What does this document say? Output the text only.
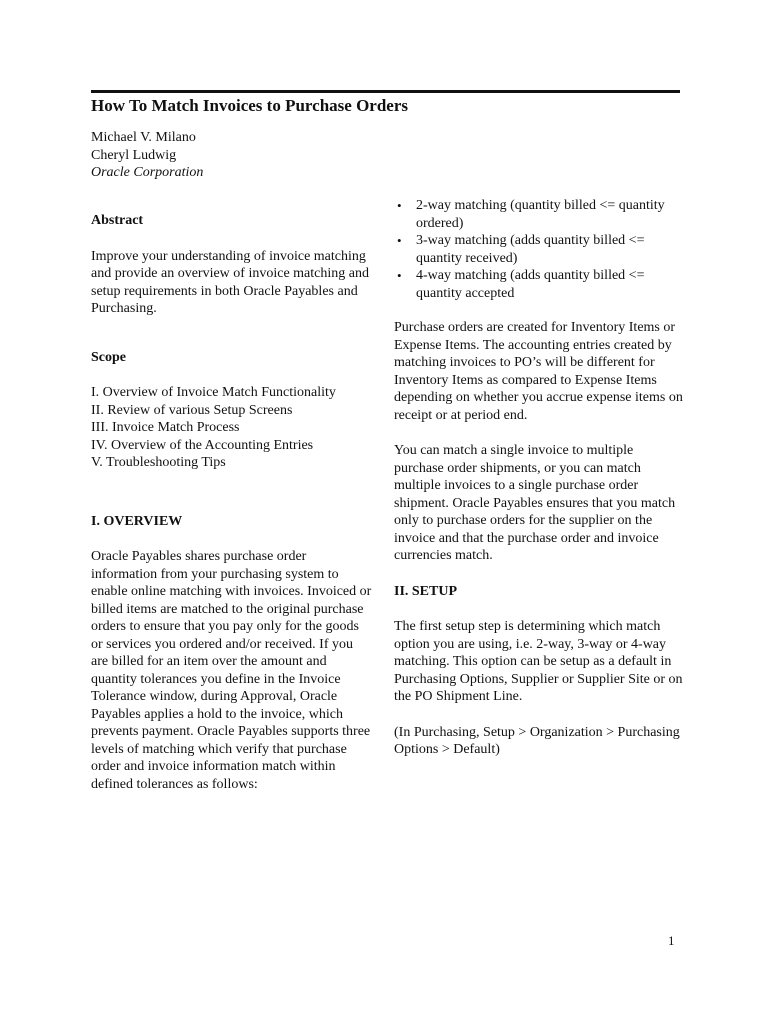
How To Match Invoices to Purchase Orders
Michael V. Milano
Cheryl Ludwig
Oracle Corporation
Abstract

Improve your understanding of invoice matching and provide an overview of invoice matching and setup requirements in both Oracle Payables and Purchasing.

Scope
I. Overview of Invoice Match Functionality
II. Review of various Setup Screens
III. Invoice Match Process
IV. Overview of the Accounting Entries
V. Troubleshooting Tips
I. OVERVIEW

Oracle Payables shares purchase order information from your purchasing system to enable online matching with invoices. Invoiced or billed items are matched to the original purchase orders to ensure that you pay only for the goods or services you ordered and/or received. If you are billed for an item over the amount and quantity tolerances you define in the Invoice Tolerance window, during Approval, Oracle Payables applies a hold to the invoice, which prevents payment. Oracle Payables supports three levels of matching which verify that purchase order and invoice information match within defined tolerances as follows:

• 2-way matching (quantity billed <= quantity ordered)
• 3-way matching (adds quantity billed <= quantity received)
• 4-way matching (adds quantity billed <= quantity accepted

Purchase orders are created for Inventory Items or Expense Items. The accounting entries created by matching invoices to PO’s will be different for Inventory Items as compared to Expense Items depending on whether you accrue expense items on receipt or at period end.

You can match a single invoice to multiple purchase order shipments, or you can match multiple invoices to a single purchase order shipment. Oracle Payables ensures that you match only to purchase orders for the supplier on the invoice and that the purchase order and invoice currencies match.

II. SETUP

The first setup step is determining which match option you are using, i.e. 2-way, 3-way or 4-way matching. This option can be setup as a default in Purchasing Options, Supplier or Supplier Site or on the PO Shipment Line.

(In Purchasing, Setup > Organization > Purchasing Options > Default)

1
